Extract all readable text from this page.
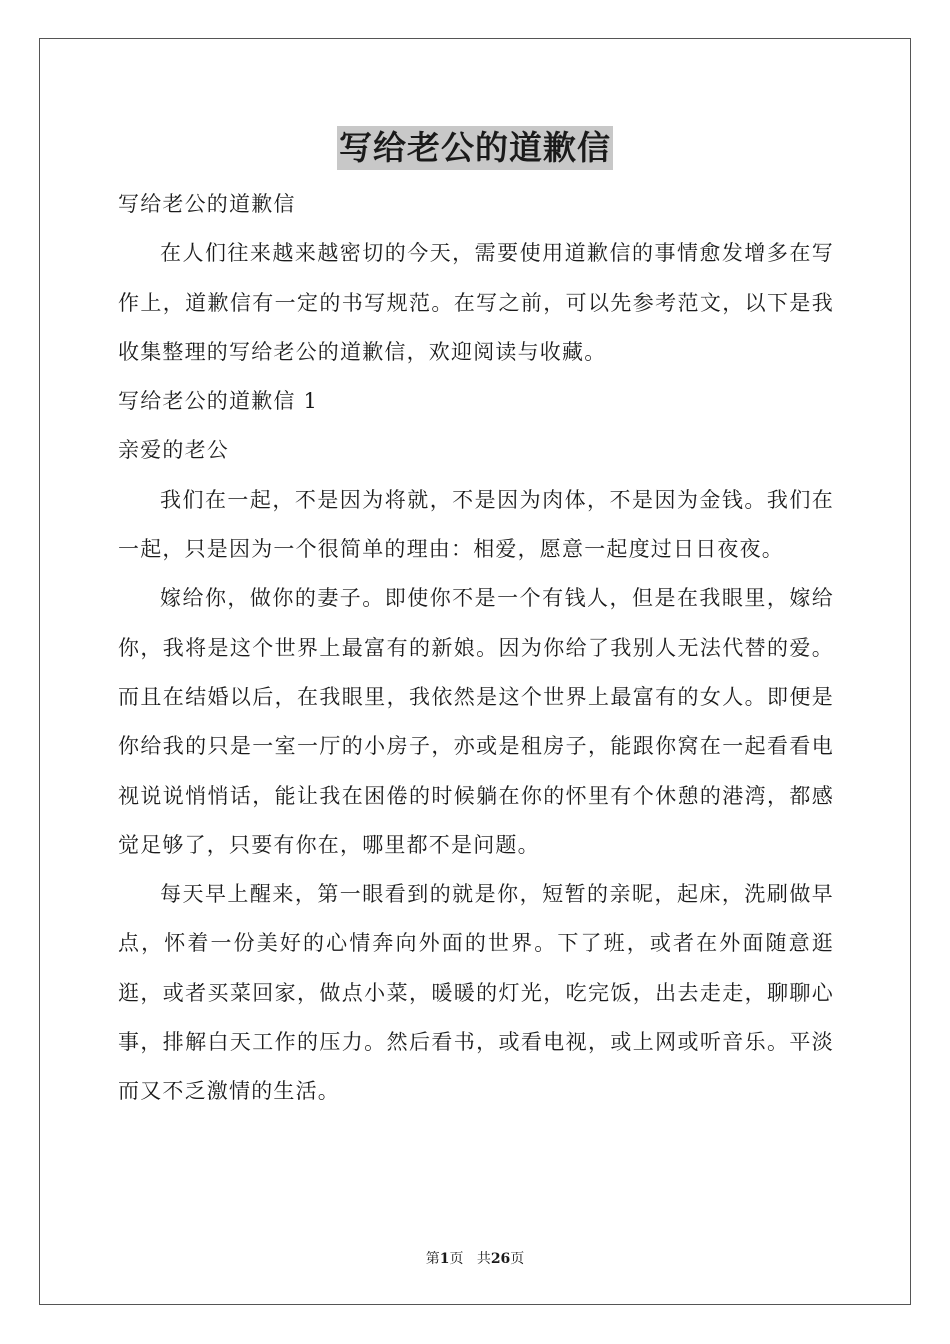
写给老公的道歉信

写给老公的道歉信

在人们往来越来越密切的今天，需要使用道歉信的事情愈发增多在写作上，道歉信有一定的书写规范。在写之前，可以先参考范文，以下是我收集整理的写给老公的道歉信，欢迎阅读与收藏。

写给老公的道歉信 1

亲爱的老公

我们在一起，不是因为将就，不是因为肉体，不是因为金钱。我们在一起，只是因为一个很简单的理由：相爱，愿意一起度过日日夜夜。

嫁给你，做你的妻子。即使你不是一个有钱人，但是在我眼里，嫁给你，我将是这个世界上最富有的新娘。因为你给了我别人无法代替的爱。而且在结婚以后，在我眼里，我依然是这个世界上最富有的女人。即便是你给我的只是一室一厅的小房子，亦或是租房子，能跟你窝在一起看看电视说说悄悄话，能让我在困倦的时候躺在你的怀里有个休憩的港湾，都感觉足够了，只要有你在，哪里都不是问题。

每天早上醒来，第一眼看到的就是你，短暂的亲昵，起床，洗刷做早点，怀着一份美好的心情奔向外面的世界。下了班，或者在外面随意逛逛，或者买菜回家，做点小菜，暖暖的灯光，吃完饭，出去走走，聊聊心事，排解白天工作的压力。然后看书，或看电视，或上网或听音乐。平淡而又不乏激情的生活。

第1页 共26页
